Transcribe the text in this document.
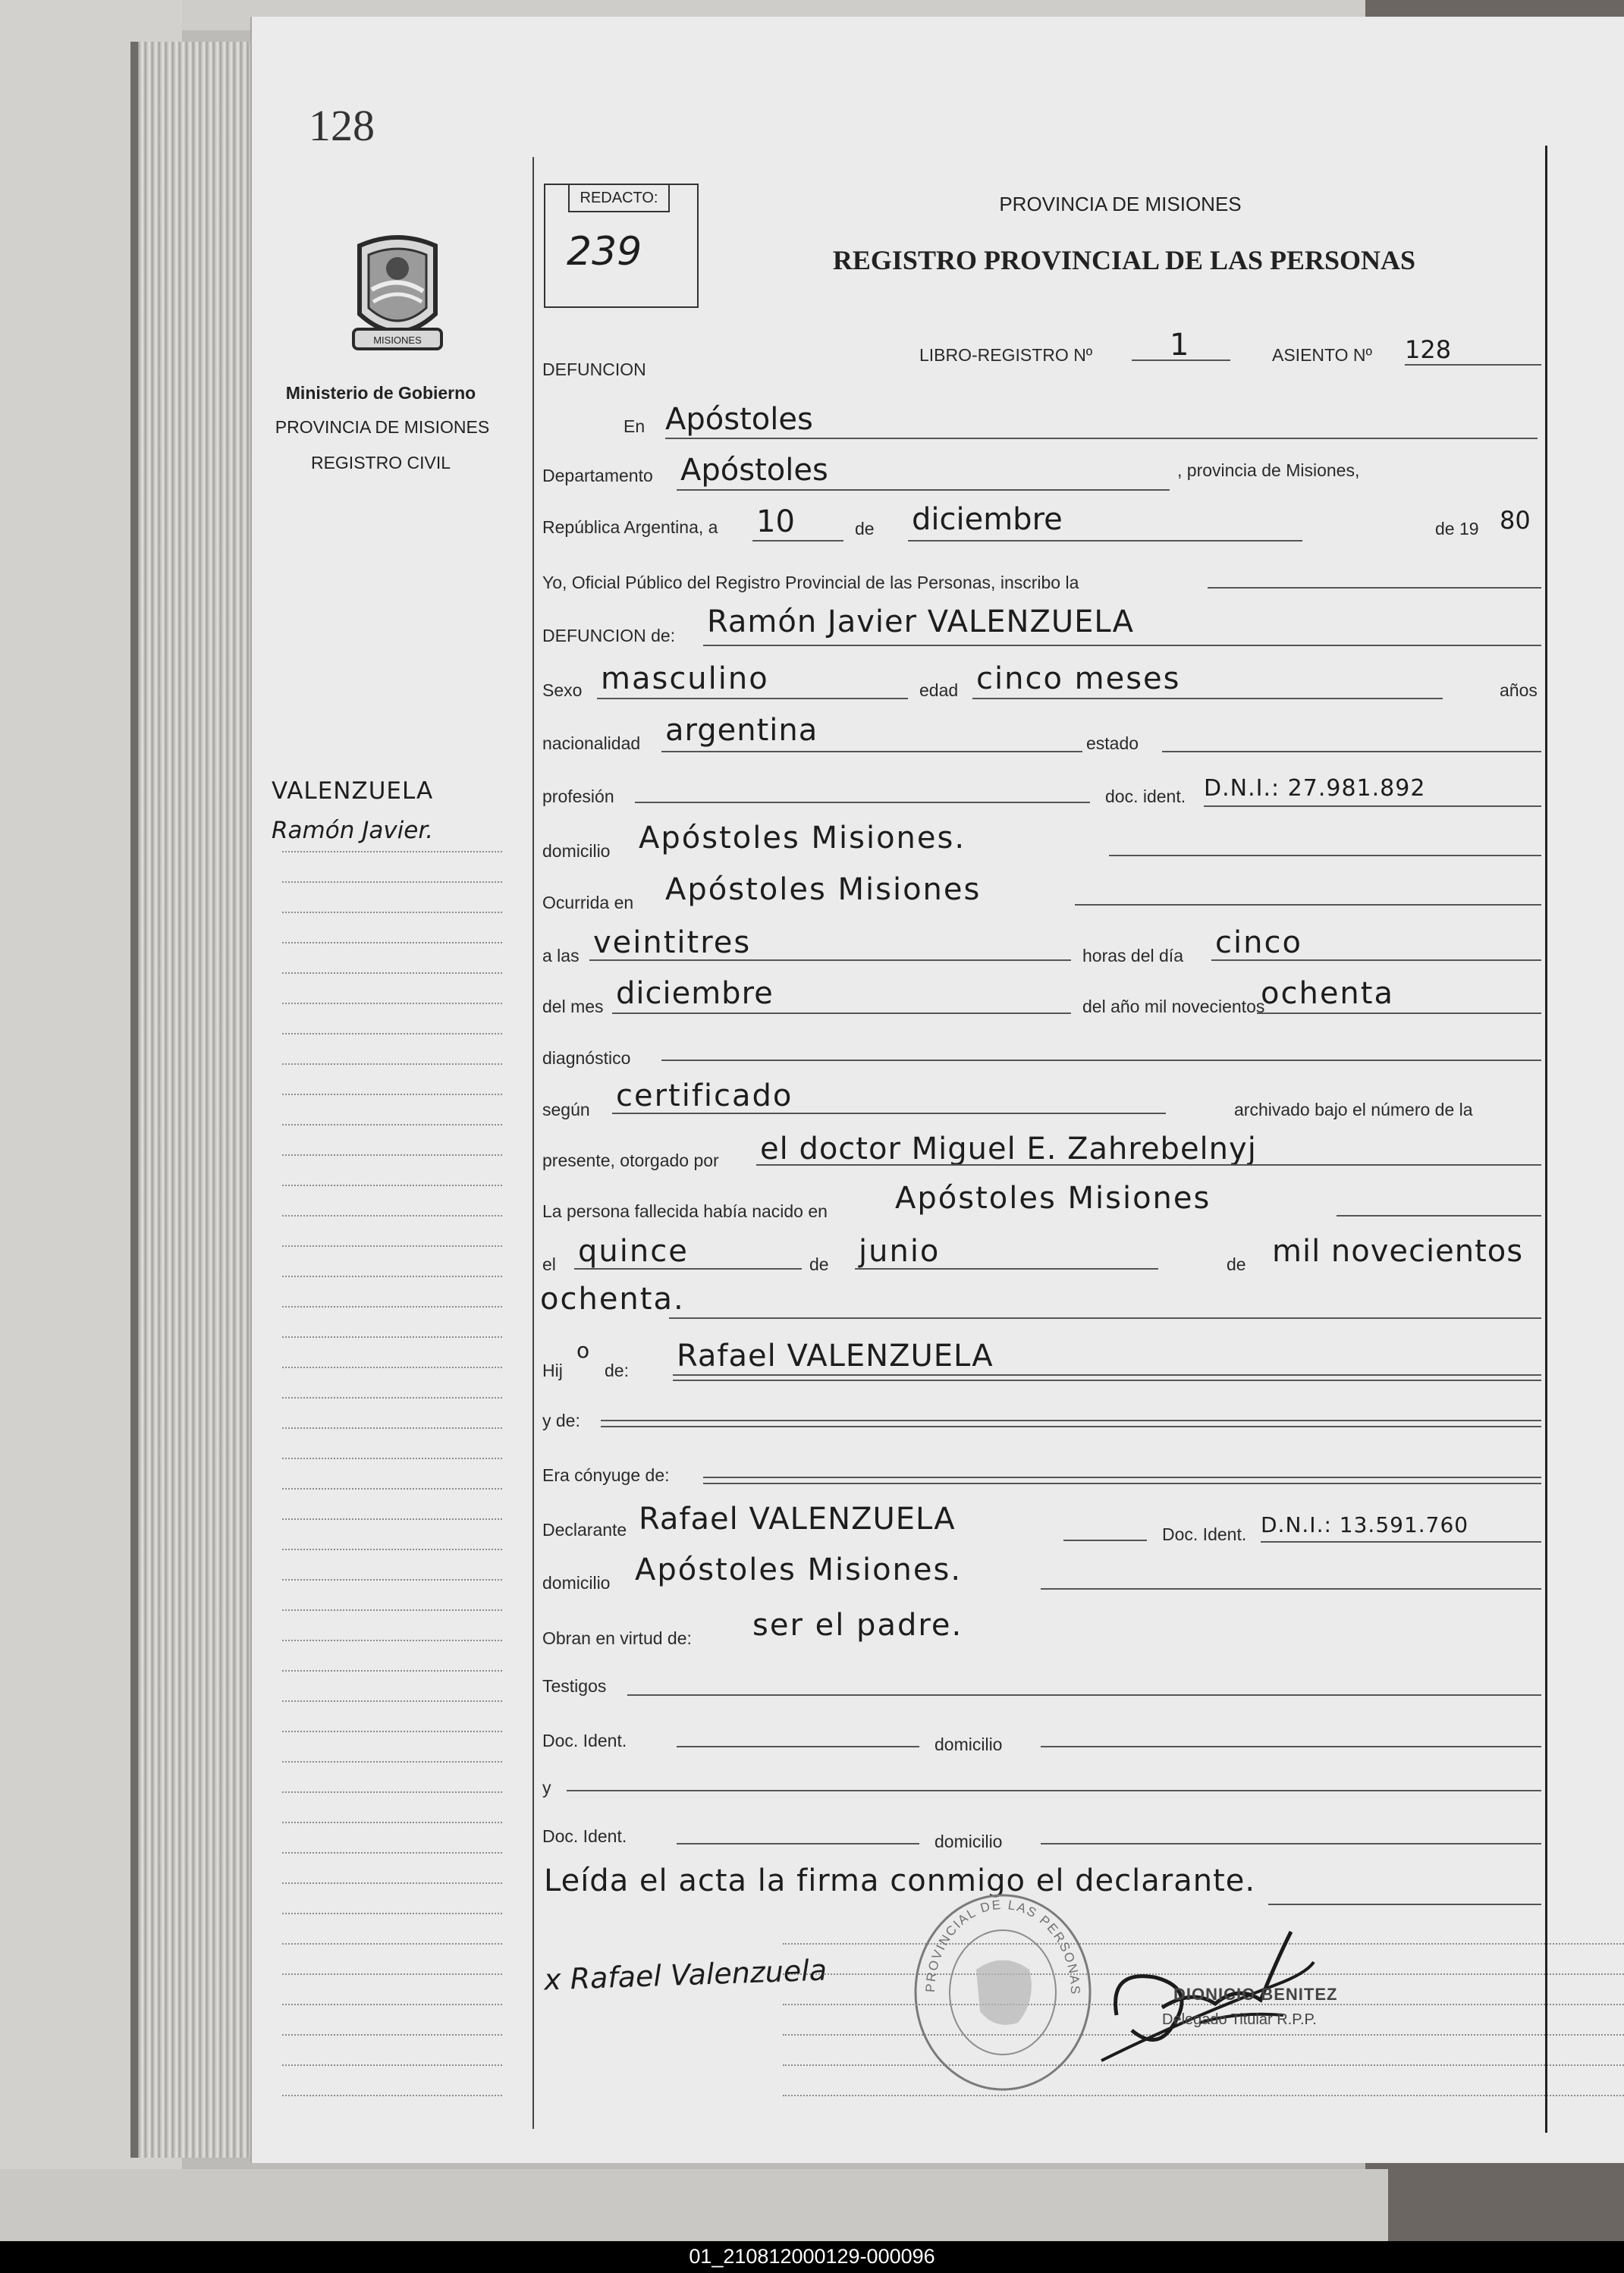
128
MISIONES
Ministerio de Gobierno
PROVINCIA DE MISIONES
REGISTRO CIVIL
VALENZUELA
Ramón Javier.
REDACTO:
239
PROVINCIA DE MISIONES
REGISTRO PROVINCIAL DE LAS PERSONAS
DEFUNCION
LIBRO-REGISTRO Nº	1	ASIENTO Nº 128
En Apóstoles
Departamento Apóstoles	, provincia de Misiones,
República Argentina, a 10	de diciembre	de 19 80
Yo, Oficial Público del Registro Provincial de las Personas, inscribo la
DEFUNCION de: Ramón Javier VALENZUELA
Sexo masculino	edad cinco meses	años
nacionalidad argentina	estado
profesión	doc. ident. D.N.I.: 27.981.892
domicilio Apóstoles Misiones.
Ocurrida en Apóstoles Misiones
a las veintitres	horas del día cinco
del mes diciembre	del año mil novecientos
ochenta
diagnóstico
según certificado	archivado bajo el número de la
presente, otorgado por el doctor Miguel E. Zahrebelnyj
La persona fallecida había nacido en Apóstoles Misiones
el quince	de junio	de mil novecientos
ochenta.
Hij
o
de: Rafael VALENZUELA
y de:
Era cónyuge de:
Declarante Rafael VALENZUELA	Doc. Ident. D.N.I.: 13.591.760
domicilio Apóstoles Misiones.
Obran en virtud de: ser el padre.
Testigos
Doc. Ident.	domicilio
y
Doc. Ident.	domicilio
Leída el acta la firma conmigo el declarante.
x Rafael Valenzuela	PROVINCIAL DE LAS PERSONAS	DIONICIO BENITEZ
Delegado Titular R.P.P.
01_210812000129-000096
